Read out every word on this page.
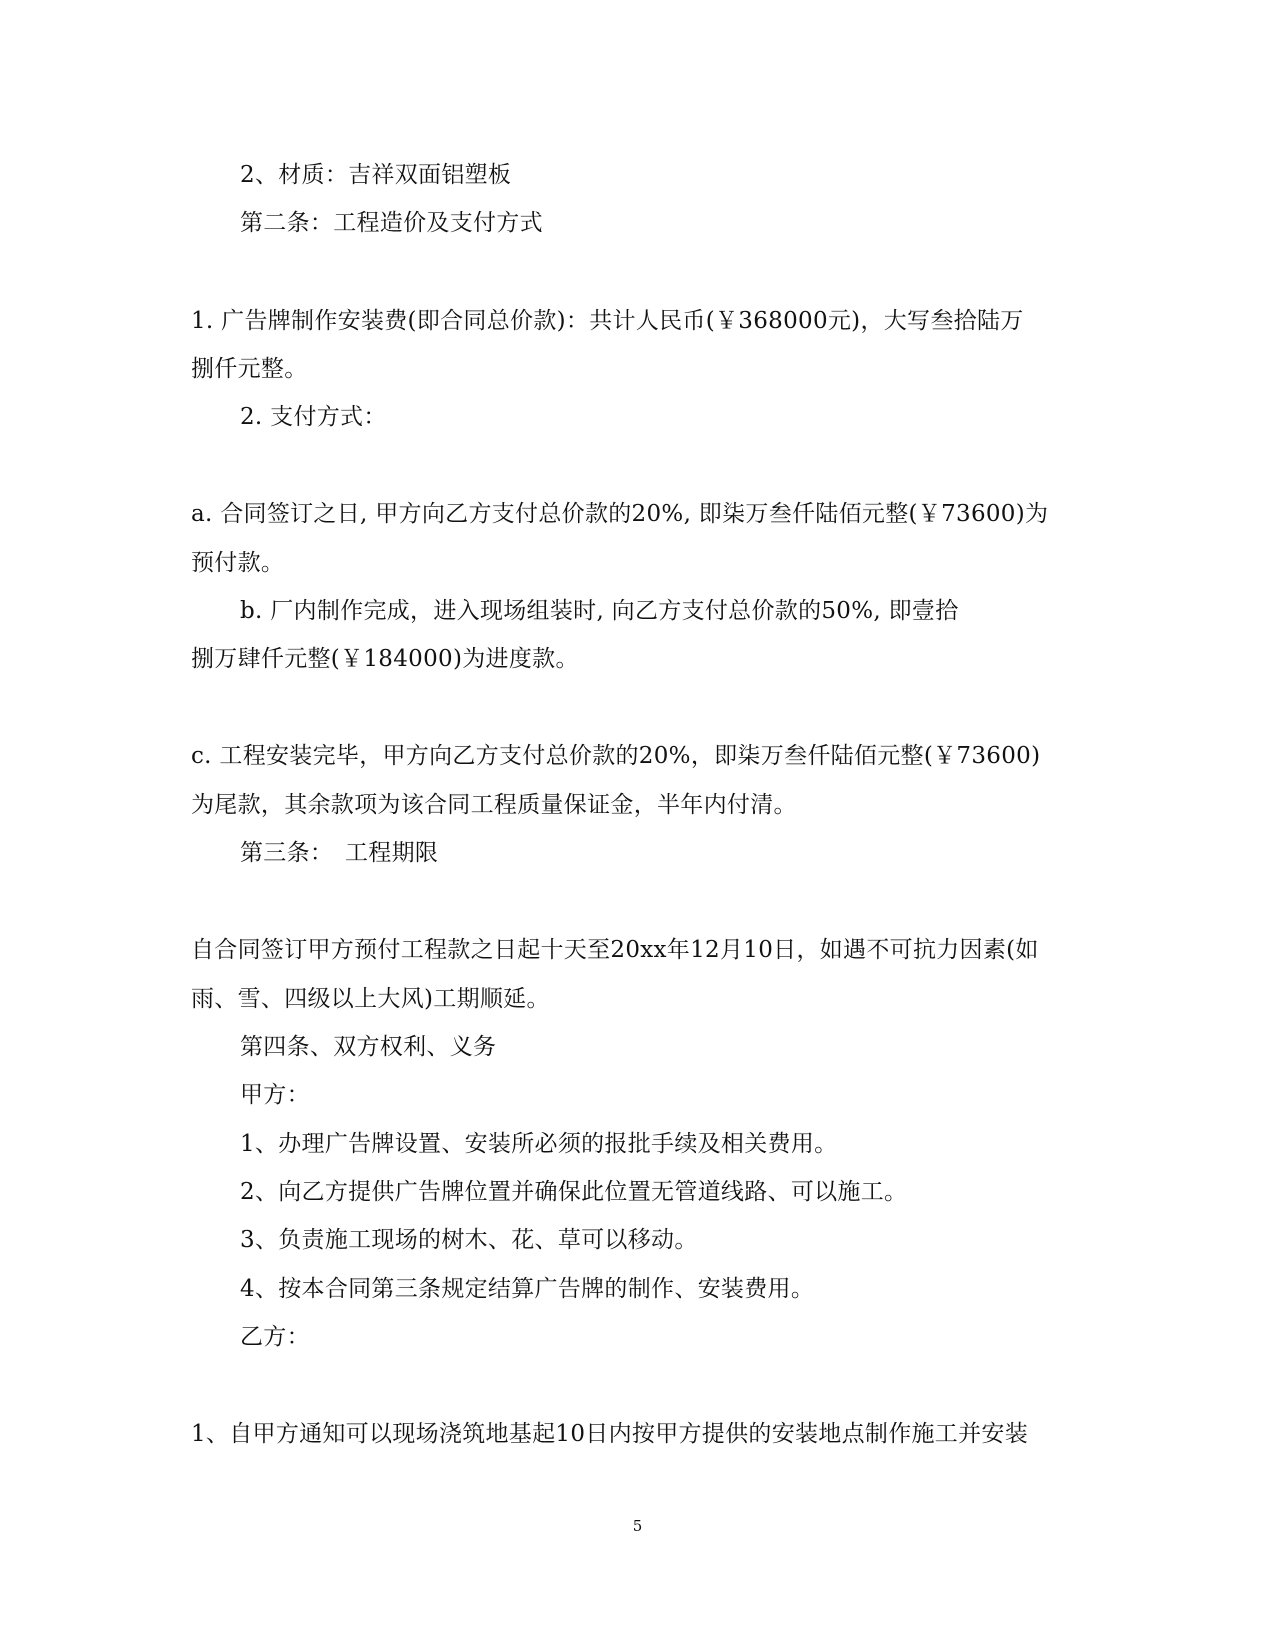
2、材质：吉祥双面铝塑板
第二条：工程造价及支付方式
1. 广告牌制作安装费(即合同总价款)：共计人民币(￥368000元)，大写叁拾陆万
捌仟元整。
2. 支付方式：
a. 合同签订之日, 甲方向乙方支付总价款的20%, 即柒万叁仟陆佰元整(￥73600)为
预付款。
b. 厂内制作完成，进入现场组装时, 向乙方支付总价款的50%, 即壹拾
捌万肆仟元整(￥184000)为进度款。
c. 工程安装完毕，甲方向乙方支付总价款的20%，即柒万叁仟陆佰元整(￥73600)
为尾款，其余款项为该合同工程质量保证金，半年内付清。
第三条：　工程期限
自合同签订甲方预付工程款之日起十天至20xx年12月10日，如遇不可抗力因素(如
雨、雪、四级以上大风)工期顺延。
第四条、双方权利、义务
甲方：
1、办理广告牌设置、安装所必须的报批手续及相关费用。
2、向乙方提供广告牌位置并确保此位置无管道线路、可以施工。
3、负责施工现场的树木、花、草可以移动。
4、按本合同第三条规定结算广告牌的制作、安装费用。
乙方：
1、自甲方通知可以现场浇筑地基起10日内按甲方提供的安装地点制作施工并安装
5
